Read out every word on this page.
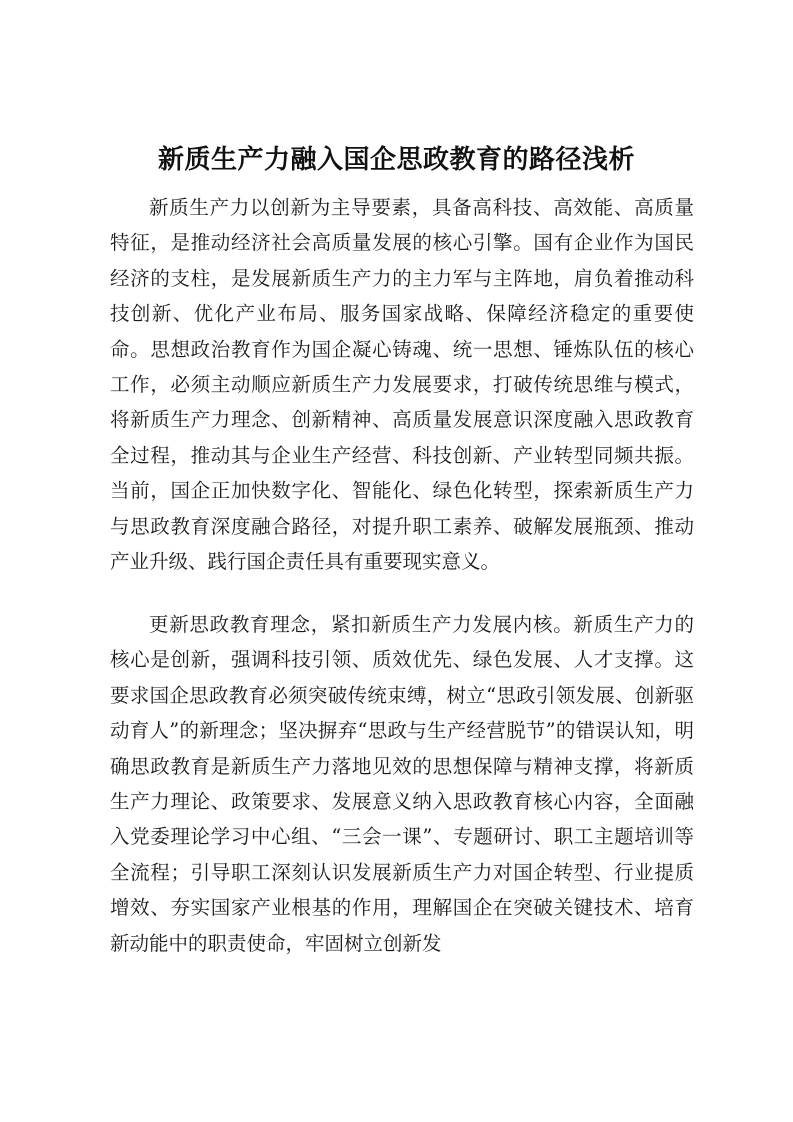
新质生产力融入国企思政教育的路径浅析

新质生产力以创新为主导要素，具备高科技、高效能、高质量特征，是推动经济社会高质量发展的核心引擎。国有企业作为国民经济的支柱，是发展新质生产力的主力军与主阵地，肩负着推动科技创新、优化产业布局、服务国家战略、保障经济稳定的重要使命。思想政治教育作为国企凝心铸魂、统一思想、锤炼队伍的核心工作，必须主动顺应新质生产力发展要求，打破传统思维与模式，将新质生产力理念、创新精神、高质量发展意识深度融入思政教育全过程，推动其与企业生产经营、科技创新、产业转型同频共振。当前，国企正加快数字化、智能化、绿色化转型，探索新质生产力与思政教育深度融合路径，对提升职工素养、破解发展瓶颈、推动产业升级、践行国企责任具有重要现实意义。

更新思政教育理念，紧扣新质生产力发展内核。新质生产力的核心是创新，强调科技引领、质效优先、绿色发展、人才支撑。这要求国企思政教育必须突破传统束缚，树立“思政引领发展、创新驱动育人”的新理念；坚决摒弃“思政与生产经营脱节”的错误认知，明确思政教育是新质生产力落地见效的思想保障与精神支撑，将新质生产力理论、政策要求、发展意义纳入思政教育核心内容，全面融入党委理论学习中心组、“三会一课”、专题研讨、职工主题培训等全流程；引导职工深刻认识发展新质生产力对国企转型、行业提质增效、夯实国家产业根基的作用，理解国企在突破关键技术、培育新动能中的职责使命，牢固树立创新发
